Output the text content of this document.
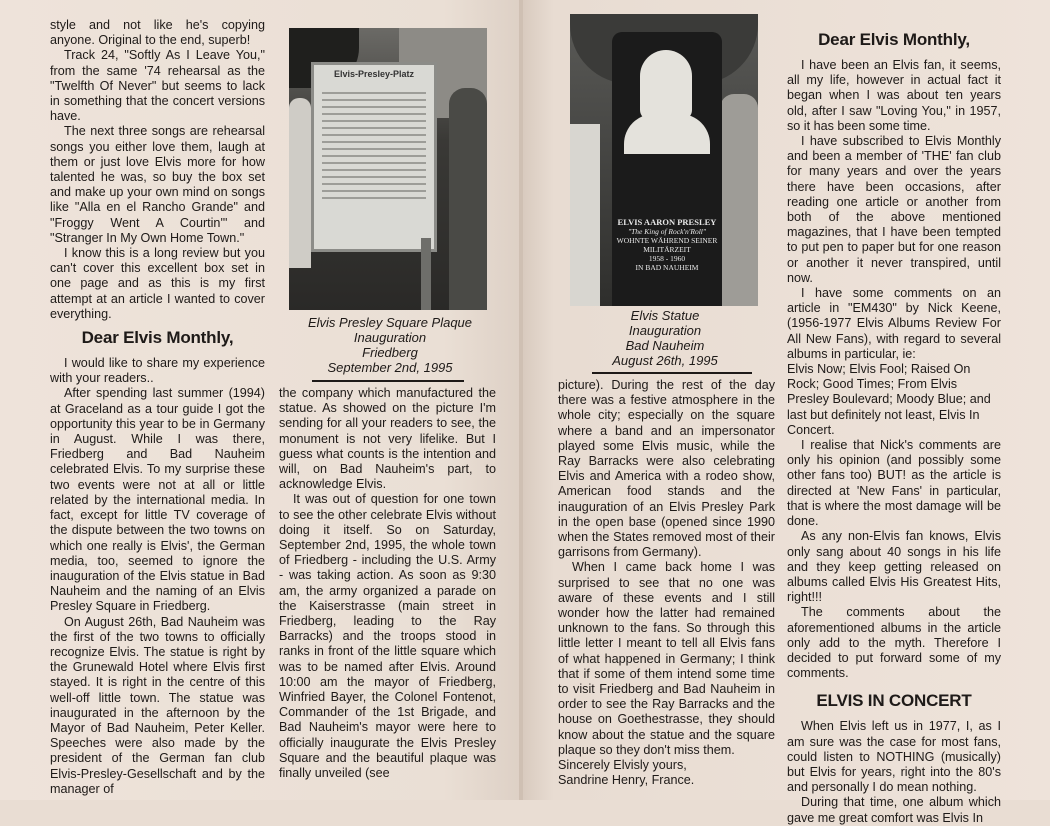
style and not like he's copying anyone. Original to the end, superb!

Track 24, "Softly As I Leave You," from the same '74 rehearsal as the "Twelfth Of Never" but seems to lack in something that the concert versions have.

The next three songs are rehearsal songs you either love them, laugh at them or just love Elvis more for how talented he was, so buy the box set and make up your own mind on songs like "Alla en el Rancho Grande" and "Froggy Went A Courtin'" and "Stranger In My Own Home Town."

I know this is a long review but you can't cover this excellent box set in one page and as this is my first attempt at an article I wanted to cover everything.

Dear Elvis Monthly,

I would like to share my experience with your readers..

After spending last summer (1994) at Graceland as a tour guide I got the opportunity this year to be in Germany in August. While I was there, Friedberg and Bad Nauheim celebrated Elvis. To my surprise these two events were not at all or little related by the international media. In fact, except for little TV coverage of the dispute between the two towns on which one really is Elvis', the German media, too, seemed to ignore the inauguration of the Elvis statue in Bad Nauheim and the naming of an Elvis Presley Square in Friedberg.

On August 26th, Bad Nauheim was the first of the two towns to officially recognize Elvis. The statue is right by the Grunewald Hotel where Elvis first stayed. It is right in the centre of this well-off little town. The statue was inaugurated in the afternoon by the Mayor of Bad Nauheim, Peter Keller. Speeches were also made by the president of the German fan club Elvis-Presley-Gesellschaft and by the manager of

Elvis-Presley-Platz
Elvis Presley Square Plaque
Inauguration
Friedberg
September 2nd, 1995

the company which manufactured the statue. As showed on the picture I'm sending for all your readers to see, the monument is not very lifelike. But I guess what counts is the intention and will, on Bad Nauheim's part, to acknowledge Elvis.

It was out of question for one town to see the other celebrate Elvis without doing it itself. So on Saturday, September 2nd, 1995, the whole town of Friedberg - including the U.S. Army - was taking action. As soon as 9:30 am, the army organized a parade on the Kaiserstrasse (main street in Friedberg, leading to the Ray Barracks) and the troops stood in ranks in front of the little square which was to be named after Elvis. Around 10:00 am the mayor of Friedberg, Winfried Bayer, the Colonel Fontenot, Commander of the 1st Brigade, and Bad Nauheim's mayor were here to officially inaugurate the Elvis Presley Square and the beautiful plaque was finally unveiled (see

ELVIS AARON PRESLEY
"The King of Rock'n'Roll"
WOHNTE WÄHREND SEINER
MILITÄRZEIT
1958 - 1960
IN BAD NAUHEIM
Elvis Statue
Inauguration
Bad Nauheim
August 26th, 1995

picture). During the rest of the day there was a festive atmosphere in the whole city; especially on the square where a band and an impersonator played some Elvis music, while the Ray Barracks were also celebrating Elvis and America with a rodeo show, American food stands and the inauguration of an Elvis Presley Park in the open base (opened since 1990 when the States removed most of their garrisons from Germany).

When I came back home I was surprised to see that no one was aware of these events and I still wonder how the latter had remained unknown to the fans. So through this little letter I meant to tell all Elvis fans of what happened in Germany; I think that if some of them intend some time to visit Friedberg and Bad Nauheim in order to see the Ray Barracks and the house on Goethestrasse, they should know about the statue and the square plaque so they don't miss them.

Sincerely Elvisly yours,

Sandrine Henry, France.

Dear Elvis Monthly,

I have been an Elvis fan, it seems, all my life, however in actual fact it began when I was about ten years old, after I saw "Loving You," in 1957, so it has been some time.

I have subscribed to Elvis Monthly and been a member of 'THE' fan club for many years and over the years there have been occasions, after reading one article or another from both of the above mentioned magazines, that I have been tempted to put pen to paper but for one reason or another it never transpired, until now.

I have some comments on an article in "EM430" by Nick Keene, (1956-1977 Elvis Albums Review For All New Fans), with regard to several albums in particular, ie:

Elvis Now; Elvis Fool; Raised On Rock; Good Times; From Elvis Presley Boulevard; Moody Blue; and last but definitely not least, Elvis In Concert.

I realise that Nick's comments are only his opinion (and possibly some other fans too) BUT! as the article is directed at 'New Fans' in particular, that is where the most damage will be done.

As any non-Elvis fan knows, Elvis only sang about 40 songs in his life and they keep getting released on albums called Elvis His Greatest Hits, right!!!

The comments about the aforementioned albums in the article only add to the myth. Therefore I decided to put forward some of my comments.

ELVIS IN CONCERT

When Elvis left us in 1977, I, as I am sure was the case for most fans, could listen to NOTHING (musically) but Elvis for years, right into the 80's and personally I do mean nothing.

During that time, one album which gave me great comfort was Elvis In
